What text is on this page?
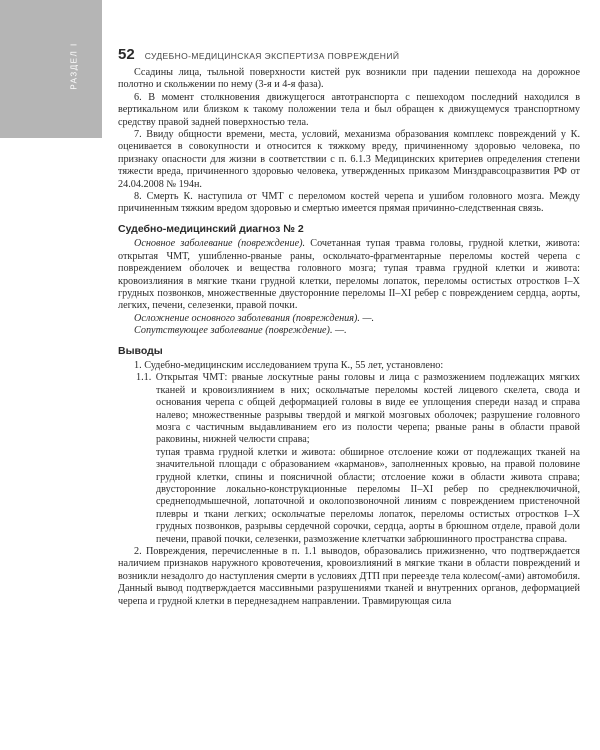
РАЗДЕЛ I	52 СУДЕБНО-МЕДИЦИНСКАЯ ЭКСПЕРТИЗА ПОВРЕЖДЕНИЙ

Ссадины лица, тыльной поверхности кистей рук возникли при падении пешехода на дорожное полотно и скольжении по нему (3-я и 4-я фаза).

6. В момент столкновения движущегося автотранспорта с пешеходом последний находился в вертикальном или близком к такому положении тела и был обращен к движущемуся транспортному средству правой задней поверхностью тела.

7. Ввиду общности времени, места, условий, механизма образования комплекс повреждений у К. оценивается в совокупности и относится к тяжкому вреду, причиненному здоровью человека, по признаку опасности для жизни в соответствии с п. 6.1.3 Медицинских критериев определения степени тяжести вреда, причиненного здоровью человека, утвержденных приказом Минздравсоцразвития РФ от 24.04.2008 № 194н.

8. Смерть К. наступила от ЧМТ с переломом костей черепа и ушибом головного мозга. Между причиненным тяжким вредом здоровью и смертью имеется прямая причинно-следственная связь.

Судебно-медицинский диагноз № 2

Основное заболевание (повреждение). Сочетанная тупая травма головы, грудной клетки, живота: открытая ЧМТ, ушибленно-рваные раны, оскольчато-фрагментарные переломы костей черепа с повреждением оболочек и вещества головного мозга; тупая травма грудной клетки и живота: кровоизлияния в мягкие ткани грудной клетки, переломы лопаток, переломы остистых отростков I–X грудных позвонков, множественные двусторонние переломы II–XI ребер с повреждением сердца, аорты, легких, печени, селезенки, правой почки.

Осложнение основного заболевания (повреждения). —.

Сопутствующее заболевание (повреждение). —.

Выводы

1. Судебно-медицинским исследованием трупа К., 55 лет, установлено:

1.1. Открытая ЧМТ: рваные лоскутные раны головы и лица с размозжением подлежащих мягких тканей и кровоизлиянием в них; оскольчатые переломы костей лицевого скелета, свода и основания черепа с общей деформацией головы в виде ее уплощения спереди назад и справа налево; множественные разрывы твердой и мягкой мозговых оболочек; разрушение головного мозга с частичным выдавливанием его из полости черепа; рваные раны в области правой раковины, нижней челюсти справа;

тупая травма грудной клетки и живота: обширное отслоение кожи от подлежащих тканей на значительной площади с образованием «карманов», заполненных кровью, на правой половине грудной клетки, спины и поясничной области; отслоение кожи в области живота справа; двусторонние локально-конструкционные переломы II–XI ребер по среднеключичной, среднеподмышечной, лопаточной и околопозвоночной линиям с повреждением пристеночной плевры и ткани легких; оскольчатые переломы лопаток, переломы остистых отростков I–X грудных позвонков, разрывы сердечной сорочки, сердца, аорты в брюшном отделе, правой доли печени, правой почки, селезенки, размозжение клетчатки забрюшинного пространства справа.

2. Повреждения, перечисленные в п. 1.1 выводов, образовались прижизненно, что подтверждается наличием признаков наружного кровотечения, кровоизлияний в мягкие ткани в области повреждений и возникли незадолго до наступления смерти в условиях ДТП при переезде тела колесом(-ами) автомобиля. Данный вывод подтверждается массивными разрушениями тканей и внутренних органов, деформацией черепа и грудной клетки в переднезаднем направлении. Травмирующая сила
